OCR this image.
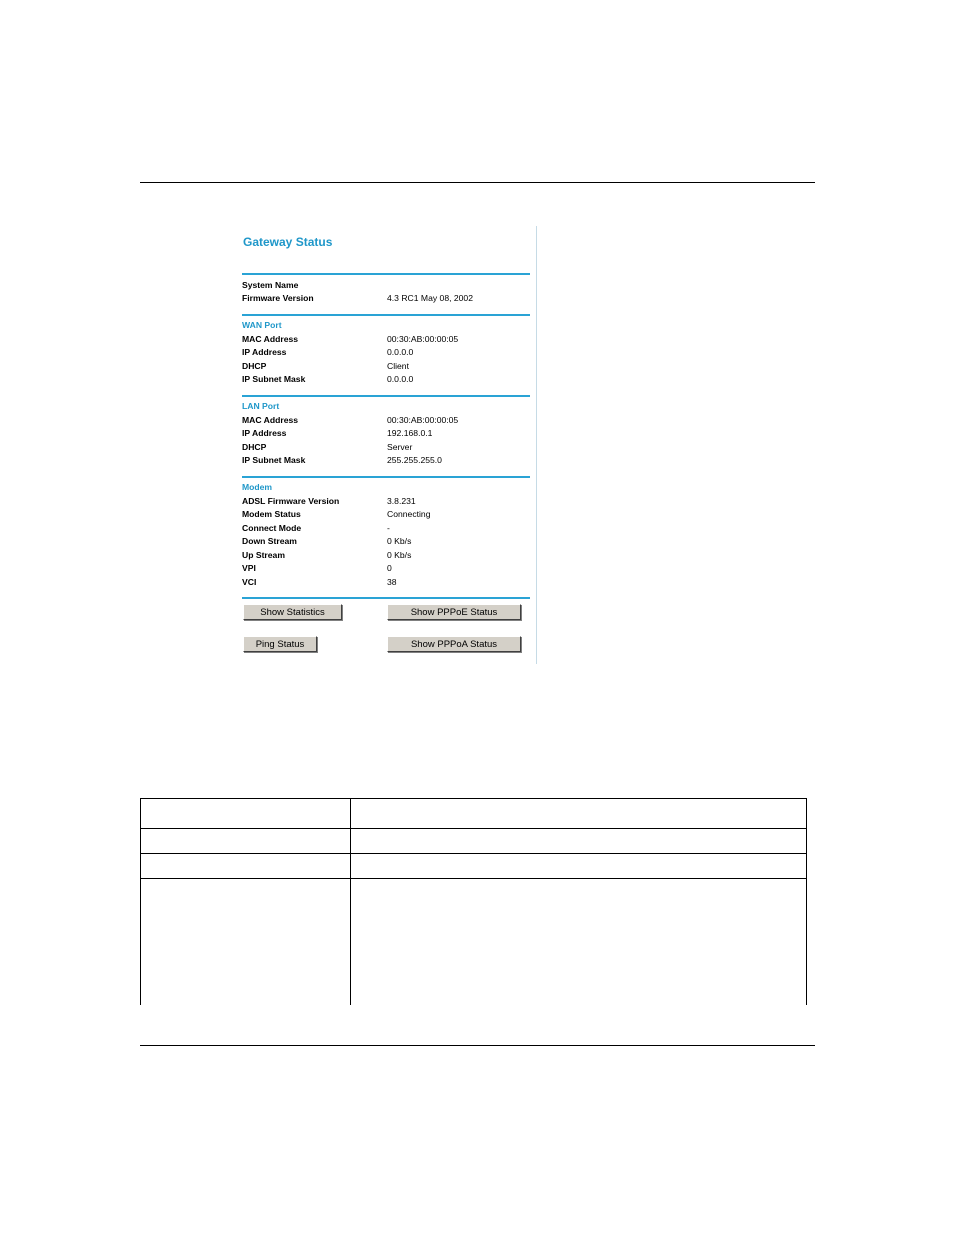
Gateway Status
System Name
Firmware Version	4.3 RC1 May 08, 2002
WAN Port
MAC Address	00:30:AB:00:00:05
IP Address	0.0.0.0
DHCP	Client
IP Subnet Mask	0.0.0.0
LAN Port
MAC Address	00:30:AB:00:00:05
IP Address	192.168.0.1
DHCP	Server
IP Subnet Mask	255.255.255.0
Modem
ADSL Firmware Version	3.8.231
Modem Status	Connecting
Connect Mode	-
Down Stream	0 Kb/s
Up Stream	0 Kb/s
VPI	0
VCI	38
Show Statistics	Show PPPoE Status
Ping Status	Show PPPoA Status
